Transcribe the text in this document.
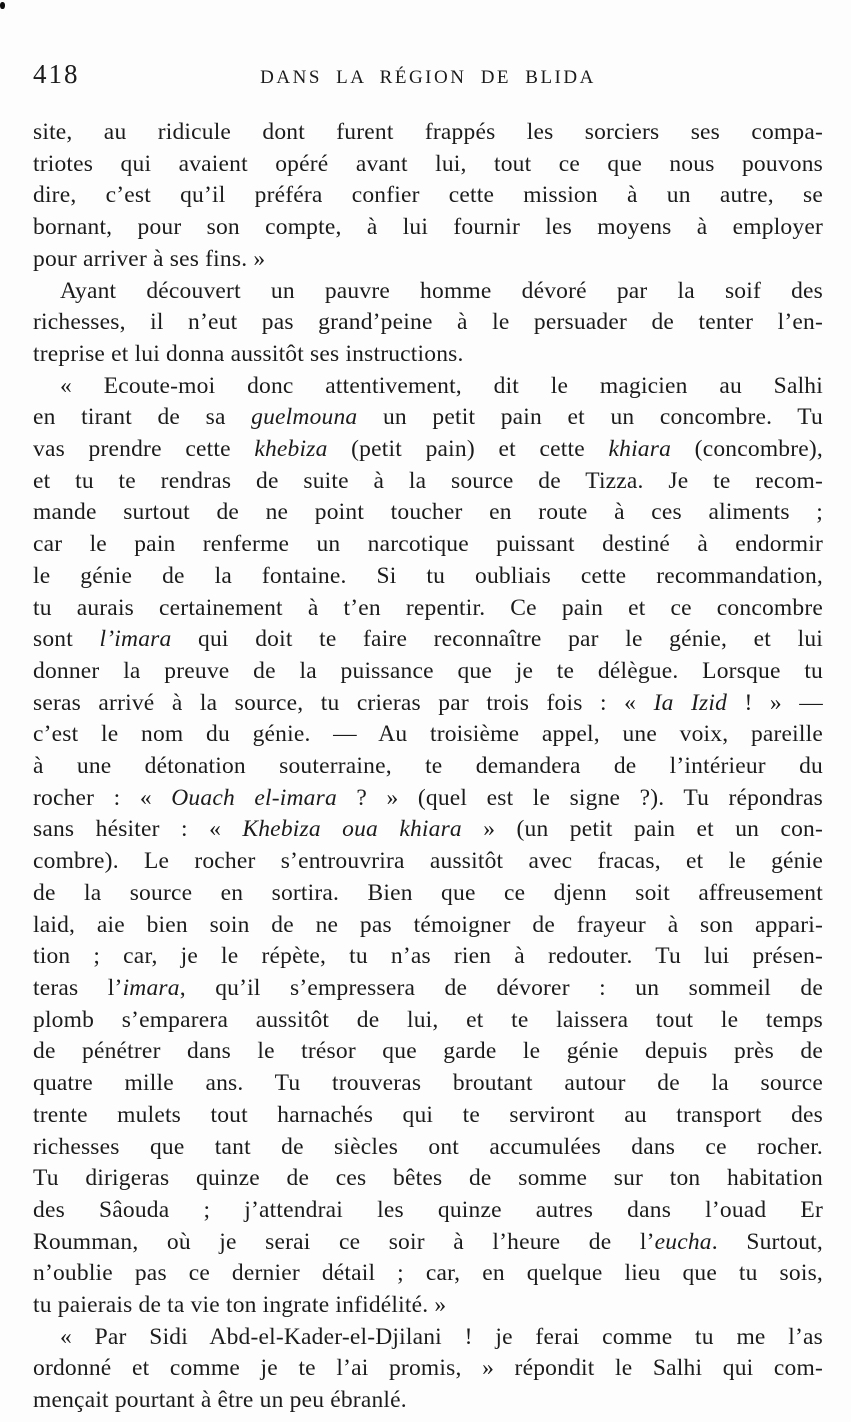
418	DANS LA RÉGION DE BLIDA
site, au ridicule dont furent frappés les sorciers ses compa-
triotes qui avaient opéré avant lui, tout ce que nous pouvons
dire, c’est qu’il préféra confier cette mission à un autre, se
bornant, pour son compte, à lui fournir les moyens à employer
pour arriver à ses fins. »
Ayant découvert un pauvre homme dévoré par la soif des
richesses, il n’eut pas grand’peine à le persuader de tenter l’en-
treprise et lui donna aussitôt ses instructions.
« Ecoute-moi donc attentivement, dit le magicien au Salhi
en tirant de sa guelmouna un petit pain et un concombre. Tu
vas prendre cette khebiza (petit pain) et cette khiara (concombre),
et tu te rendras de suite à la source de Tizza. Je te recom-
mande surtout de ne point toucher en route à ces aliments ;
car le pain renferme un narcotique puissant destiné à endormir
le génie de la fontaine. Si tu oubliais cette recommandation,
tu aurais certainement à t’en repentir. Ce pain et ce concombre
sont l’imara qui doit te faire reconnaître par le génie, et lui
donner la preuve de la puissance que je te délègue. Lorsque tu
seras arrivé à la source, tu crieras par trois fois : « Ia Izid ! » —
c’est le nom du génie. — Au troisième appel, une voix, pareille
à une détonation souterraine, te demandera de l’intérieur du
rocher : « Ouach el-imara ? » (quel est le signe ?). Tu répondras
sans hésiter : « Khebiza oua khiara » (un petit pain et un con-
combre). Le rocher s’entrouvrira aussitôt avec fracas, et le génie
de la source en sortira. Bien que ce djenn soit affreusement
laid, aie bien soin de ne pas témoigner de frayeur à son appari-
tion ; car, je le répète, tu n’as rien à redouter. Tu lui présen-
teras l’imara, qu’il s’empressera de dévorer : un sommeil de
plomb s’emparera aussitôt de lui, et te laissera tout le temps
de pénétrer dans le trésor que garde le génie depuis près de
quatre mille ans. Tu trouveras broutant autour de la source
trente mulets tout harnachés qui te serviront au transport des
richesses que tant de siècles ont accumulées dans ce rocher.
Tu dirigeras quinze de ces bêtes de somme sur ton habitation
des Sâouda ; j’attendrai les quinze autres dans l’ouad Er
Roumman, où je serai ce soir à l’heure de l’eucha. Surtout,
n’oublie pas ce dernier détail ; car, en quelque lieu que tu sois,
tu paierais de ta vie ton ingrate infidélité. »
« Par Sidi Abd-el-Kader-el-Djilani ! je ferai comme tu me l’as
ordonné et comme je te l’ai promis, » répondit le Salhi qui com-
mençait pourtant à être un peu ébranlé.
